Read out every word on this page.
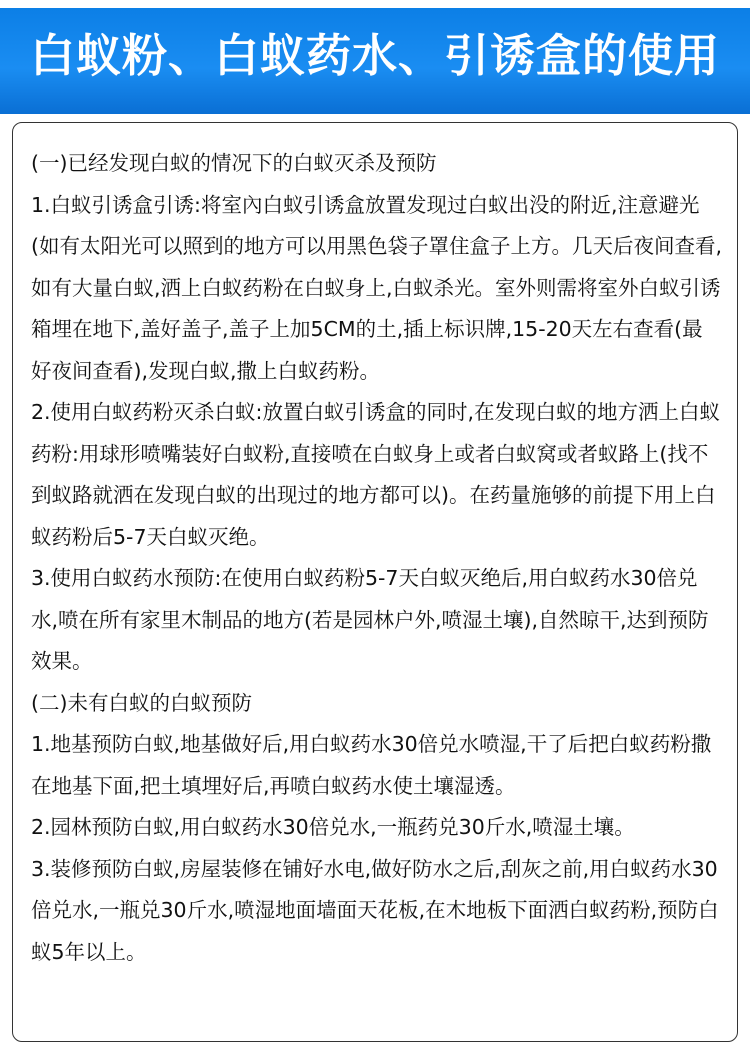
白蚁粉、白蚁药水、引诱盒的使用

(一)已经发现白蚁的情况下的白蚁灭杀及预防

1.白蚁引诱盒引诱:将室內白蚁引诱盒放置发现过白蚁出没的附近,注意避光(如有太阳光可以照到的地方可以用黑色袋子罩住盒子上方。几天后夜间查看,如有大量白蚁,洒上白蚁药粉在白蚁身上,白蚁杀光。室外则需将室外白蚁引诱箱埋在地下,盖好盖子,盖子上加5CM的土,插上标识牌,15-20天左右查看(最好夜间查看),发现白蚁,撒上白蚁药粉。

2.使用白蚁药粉灭杀白蚁:放置白蚁引诱盒的同时,在发现白蚁的地方洒上白蚁药粉:用球形喷嘴装好白蚁粉,直接喷在白蚁身上或者白蚁窝或者蚁路上(找不到蚁路就洒在发现白蚁的出现过的地方都可以)。在药量施够的前提下用上白蚁药粉后5-7天白蚁灭绝。

3.使用白蚁药水预防:在使用白蚁药粉5-7天白蚁灭绝后,用白蚁药水30倍兑水,喷在所有家里木制品的地方(若是园林户外,喷湿土壤),自然晾干,达到预防效果。

(二)未有白蚁的白蚁预防

1.地基预防白蚁,地基做好后,用白蚁药水30倍兑水喷湿,干了后把白蚁药粉撒在地基下面,把土填埋好后,再喷白蚁药水使土壤湿透。

2.园林预防白蚁,用白蚁药水30倍兑水,一瓶药兑30斤水,喷湿土壤。

3.装修预防白蚁,房屋装修在铺好水电,做好防水之后,刮灰之前,用白蚁药水30倍兑水,一瓶兑30斤水,喷湿地面墙面天花板,在木地板下面洒白蚁药粉,预防白蚁5年以上。
